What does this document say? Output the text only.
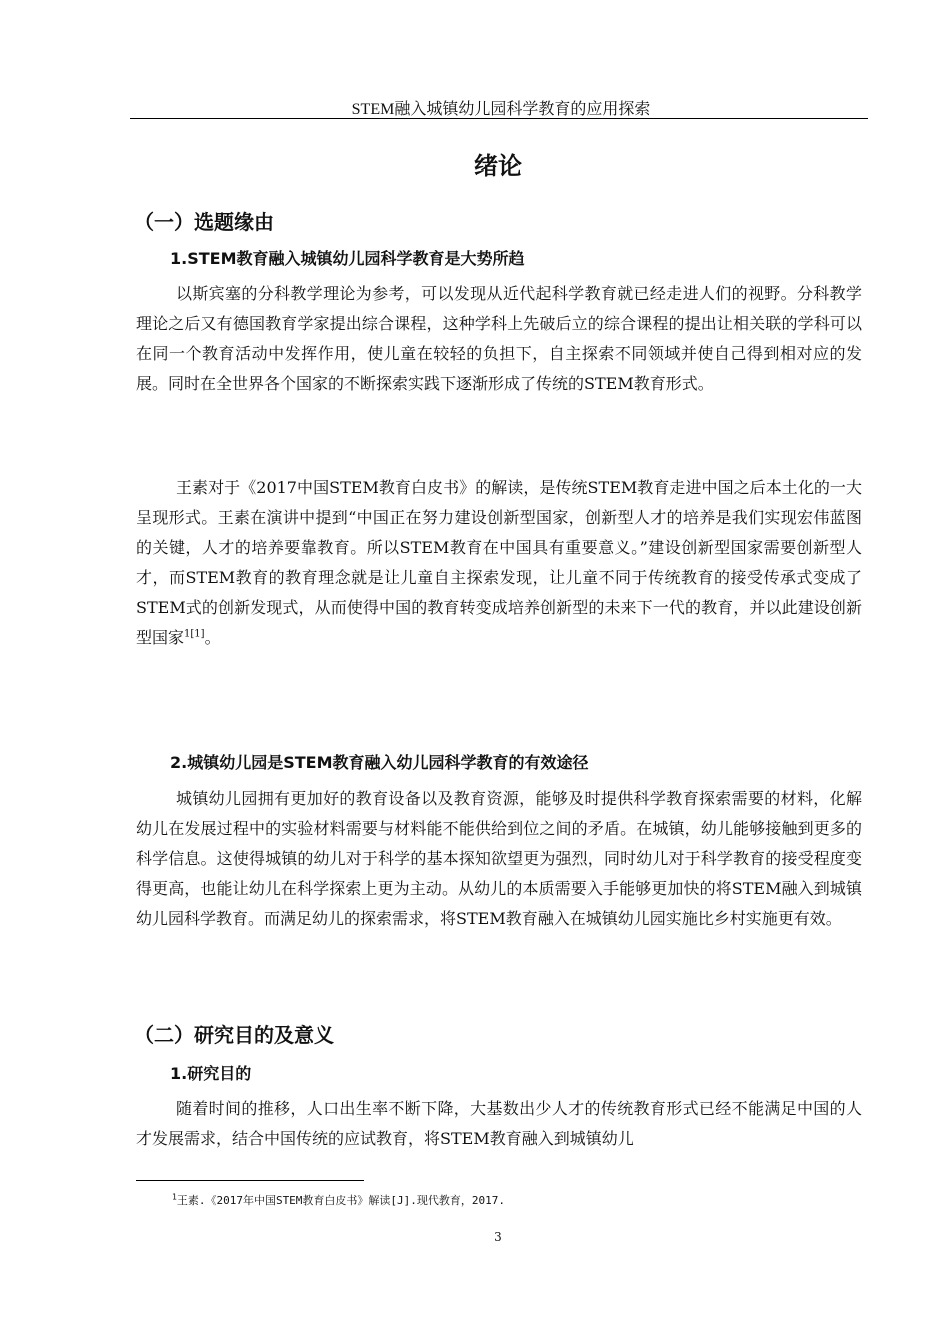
STEM融入城镇幼儿园科学教育的应用探索
绪论
（一）选题缘由
1.STEM教育融入城镇幼儿园科学教育是大势所趋

以斯宾塞的分科教学理论为参考，可以发现从近代起科学教育就已经走进人们的视野。分科教学理论之后又有德国教育学家提出综合课程，这种学科上先破后立的综合课程的提出让相关联的学科可以在同一个教育活动中发挥作用，使儿童在较轻的负担下，自主探索不同领域并使自己得到相对应的发展。同时在全世界各个国家的不断探索实践下逐渐形成了传统的STEM教育形式。

王素对于《2017中国STEM教育白皮书》的解读，是传统STEM教育走进中国之后本土化的一大呈现形式。王素在演讲中提到“中国正在努力建设创新型国家，创新型人才的培养是我们实现宏伟蓝图的关键，人才的培养要靠教育。所以STEM教育在中国具有重要意义。”建设创新型国家需要创新型人才，而STEM教育的教育理念就是让儿童自主探索发现，让儿童不同于传统教育的接受传承式变成了STEM式的创新发现式，从而使得中国的教育转变成培养创新型的未来下一代的教育，并以此建设创新型国家$^{1[1]}$。

2.城镇幼儿园是STEM教育融入幼儿园科学教育的有效途径

城镇幼儿园拥有更加好的教育设备以及教育资源，能够及时提供科学教育探索需要的材料，化解幼儿在发展过程中的实验材料需要与材料能不能供给到位之间的矛盾。在城镇，幼儿能够接触到更多的科学信息。这使得城镇的幼儿对于科学的基本探知欲望更为强烈，同时幼儿对于科学教育的接受程度变得更高，也能让幼儿在科学探索上更为主动。从幼儿的本质需要入手能够更加快的将STEM融入到城镇幼儿园科学教育。而满足幼儿的探索需求，将STEM教育融入在城镇幼儿园实施比乡村实施更有效。

（二）研究目的及意义
1.研究目的

随着时间的推移，人口出生率不断下降，大基数出少人才的传统教育形式已经不能满足中国的人才发展需求，结合中国传统的应试教育，将STEM教育融入到城镇幼儿

$^1$王素.《2017年中国STEM教育白皮书》解读[J].现代教育，2017.
3
